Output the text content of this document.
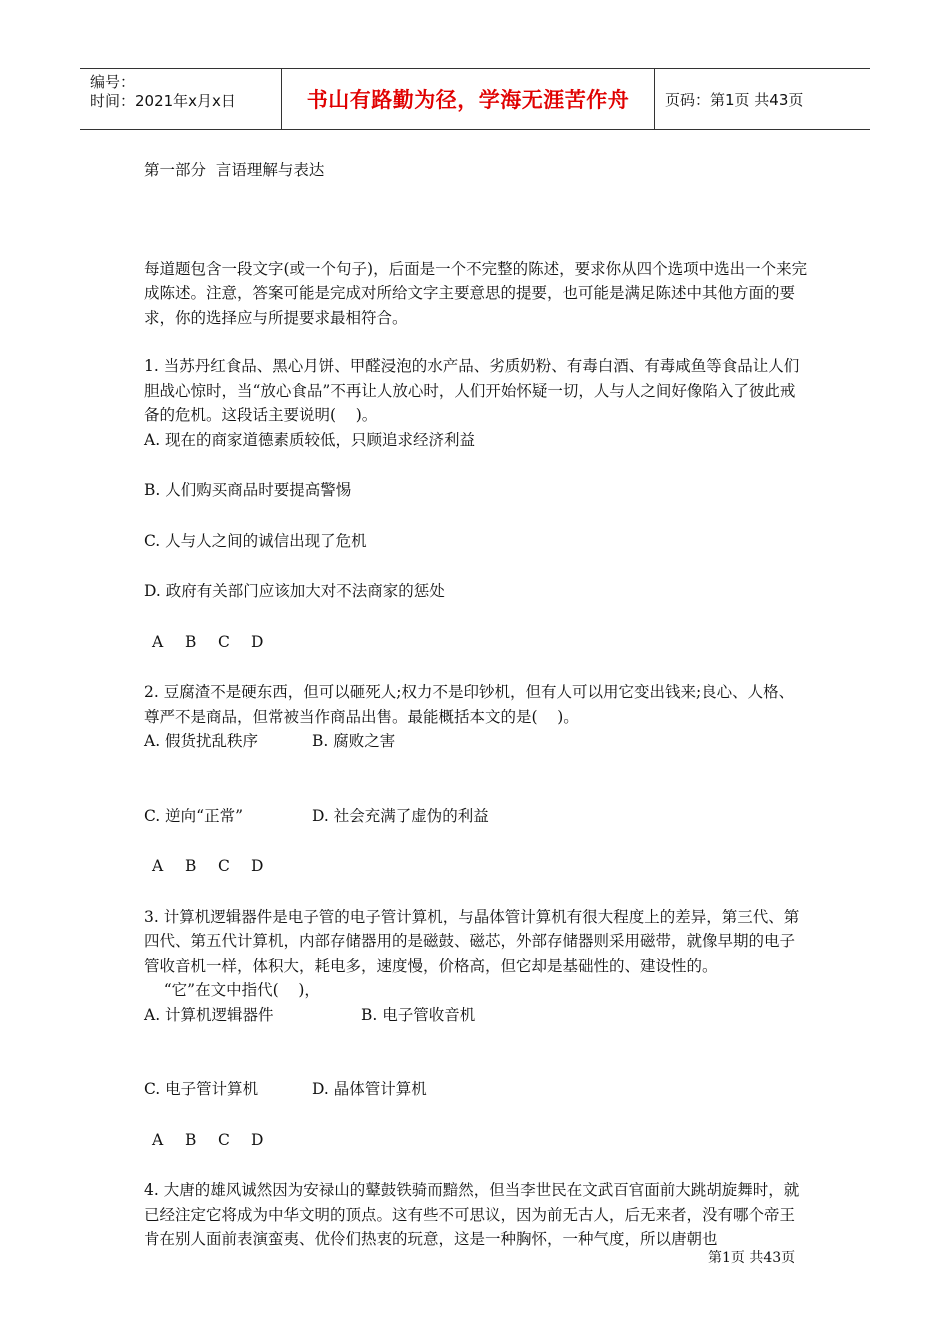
编号：
时间：2021年x月x日	书山有路勤为径，学海无涯苦作舟	页码：第1页 共43页

第一部分  言语理解与表达

每道题包含一段文字(或一个句子)，后面是一个不完整的陈述，要求你从四个选项中选出一个来完成陈述。注意，答案可能是完成对所给文字主要意思的提要，也可能是满足陈述中其他方面的要求，你的选择应与所提要求最相符合。

1. 当苏丹红食品、黑心月饼、甲醛浸泡的水产品、劣质奶粉、有毒白酒、有毒咸鱼等食品让人们胆战心惊时，当“放心食品”不再让人放心时，人们开始怀疑一切，人与人之间好像陷入了彼此戒备的危机。这段话主要说明(    )。

A. 现在的商家道德素质较低，只顾追求经济利益

B. 人们购买商品时要提高警惕

C. 人与人之间的诚信出现了危机

D. 政府有关部门应该加大对不法商家的惩处

A B C D

2. 豆腐渣不是硬东西，但可以砸死人;权力不是印钞机，但有人可以用它变出钱来;良心、人格、尊严不是商品，但常被当作商品出售。最能概括本文的是(    )。

A. 假货扰乱秩序	B. 腐败之害
C. 逆向“正常”	D. 社会充满了虚伪的利益

A B C D

3. 计算机逻辑器件是电子管的电子管计算机，与晶体管计算机有很大程度上的差异，第三代、第四代、第五代计算机，内部存储器用的是磁鼓、磁芯，外部存储器则采用磁带，就像早期的电子管收音机一样，体积大，耗电多，速度慢，价格高，但它却是基础性的、建设性的。

“它”在文中指代(    )，

A. 计算机逻辑器件	B. 电子管收音机
C. 电子管计算机	D. 晶体管计算机

A B C D

4. 大唐的雄风诚然因为安禄山的鼙鼓铁骑而黯然，但当李世民在文武百官面前大跳胡旋舞时，就已经注定它将成为中华文明的顶点。这有些不可思议，因为前无古人，后无来者，没有哪个帝王肯在别人面前表演蛮夷、优伶们热衷的玩意，这是一种胸怀，一种气度，所以唐朝也

第1页 共43页
